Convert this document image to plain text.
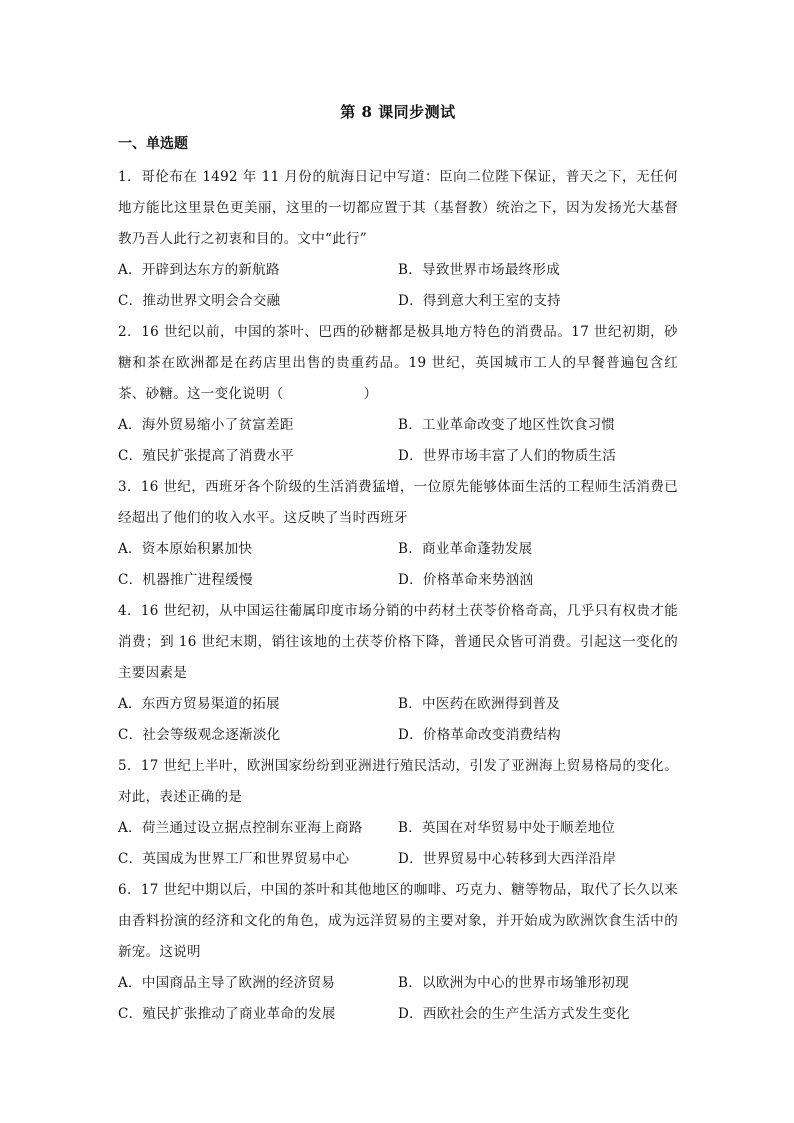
第 8 课同步测试
一、单选题

1．哥伦布在 1492 年 11 月份的航海日记中写道：臣向二位陛下保证，普天之下，无任何地方能比这里景色更美丽，这里的一切都应置于其（基督教）统治之下，因为发扬光大基督教乃吾人此行之初衷和目的。文中“此行”

A．开辟到达东方的新航路	B．导致世界市场最终形成
C．推动世界文明会合交融	D．得到意大利王室的支持

2．16 世纪以前，中国的茶叶、巴西的砂糖都是极具地方特色的消费品。17 世纪初期，砂糖和茶在欧洲都是在药店里出售的贵重药品。19 世纪，英国城市工人的早餐普遍包含红茶、砂糖。这一变化说明（	）

A．海外贸易缩小了贫富差距	B．工业革命改变了地区性饮食习惯
C．殖民扩张提高了消费水平	D．世界市场丰富了人们的物质生活

3．16 世纪，西班牙各个阶级的生活消费猛增，一位原先能够体面生活的工程师生活消费已经超出了他们的收入水平。这反映了当时西班牙

A．资本原始积累加快	B．商业革命蓬勃发展
C．机器推广进程缓慢	D．价格革命来势汹汹

4．16 世纪初，从中国运往葡属印度市场分销的中药材土茯苓价格奇高，几乎只有权贵才能消费；到 16 世纪末期，销往该地的土茯苓价格下降，普通民众皆可消费。引起这一变化的主要因素是

A．东西方贸易渠道的拓展	B．中医药在欧洲得到普及
C．社会等级观念逐渐淡化	D．价格革命改变消费结构

5．17 世纪上半叶，欧洲国家纷纷到亚洲进行殖民活动，引发了亚洲海上贸易格局的变化。对此，表述正确的是

A．荷兰通过设立据点控制东亚海上商路	B．英国在对华贸易中处于顺差地位
C．英国成为世界工厂和世界贸易中心	D．世界贸易中心转移到大西洋沿岸

6．17 世纪中期以后，中国的茶叶和其他地区的咖啡、巧克力、糖等物品，取代了长久以来由香料扮演的经济和文化的角色，成为远洋贸易的主要对象，并开始成为欧洲饮食生活中的新宠。这说明

A．中国商品主导了欧洲的经济贸易	B．以欧洲为中心的世界市场雏形初现
C．殖民扩张推动了商业革命的发展	D．西欧社会的生产生活方式发生变化
